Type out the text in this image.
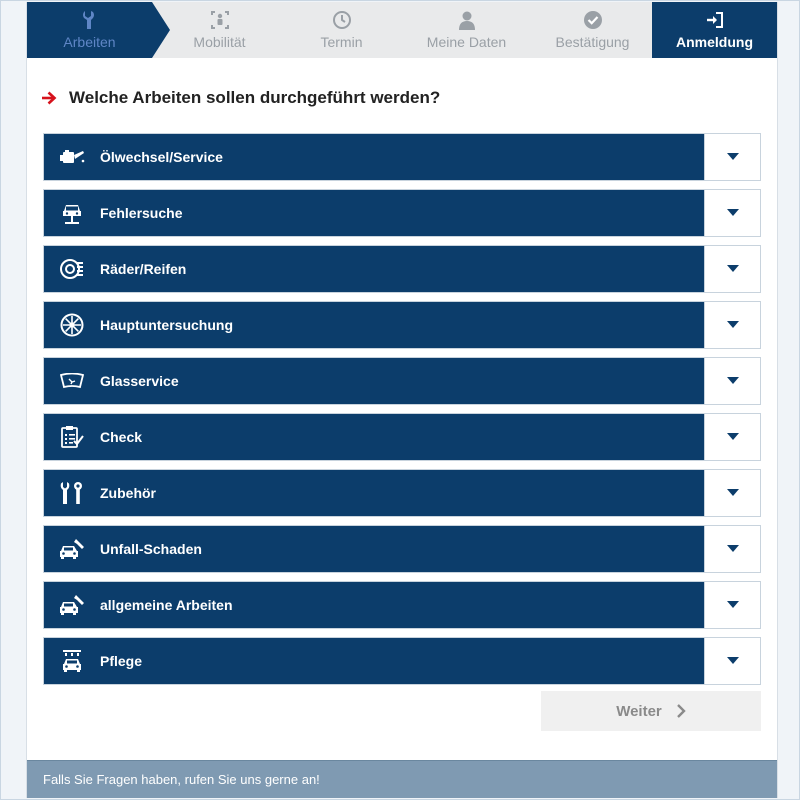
Arbeiten	Mobilität	Termin	Meine Daten	Bestätigung	Anmeldung
Welche Arbeiten sollen durchgeführt werden?
Ölwechsel/Service
Fehlersuche
Räder/Reifen
Hauptuntersuchung
Glasservice
Check
Zubehör
Unfall-Schaden
allgemeine Arbeiten
Pflege
Weiter
Falls Sie Fragen haben, rufen Sie uns gerne an!
